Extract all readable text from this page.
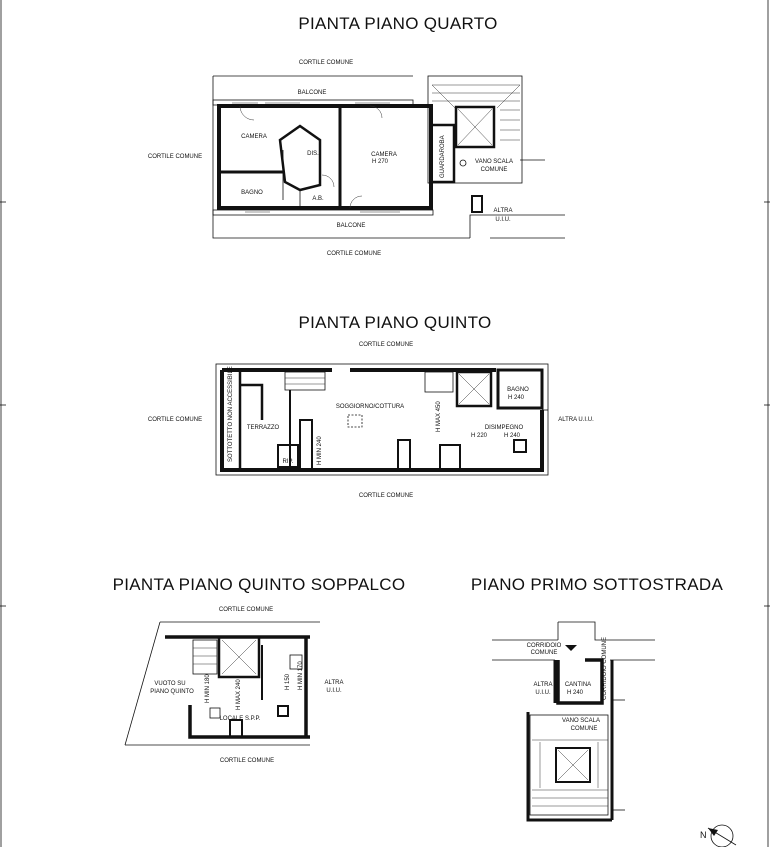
PIANTA PIANO QUARTO
PIANTA PIANO QUINTO
PIANTA PIANO QUINTO SOPPALCO	PIANO PRIMO SOTTOSTRADA
CORTILE COMUNE
CORTILE COMUNE
CORTILE COMUNE
BALCONE
BALCONE
CAMERA
DIS.	CAMERA
H 270
BAGNO
A.B.
GUARDAROBA	VANO SCALA
COMUNE
ALTRA
U.I.U.
CORTILE COMUNE
CORTILE COMUNE
CORTILE COMUNE
ALTRA U.I.U.
SOTTOTETTO NON ACCESSIBILE TERRAZZO
RIP.	H MIN 240
SOGGIORNO/COTTURA	H MAX 450
BAGNO
H 240
DISIMPEGNO
H 220	H 240
CORTILE COMUNE
CORTILE COMUNE
VUOTO SU
PIANO QUINTO H MIN 180	H MAX 240	H 150 H MIN 170
LOCALE S.P.P.
ALTRA
U.I.U.
CORRIDOIO
COMUNE
ALTRA
U.I.U.
CANTINA
H 240	CORRIDOIO COMUNE
VANO SCALA
COMUNE
N
